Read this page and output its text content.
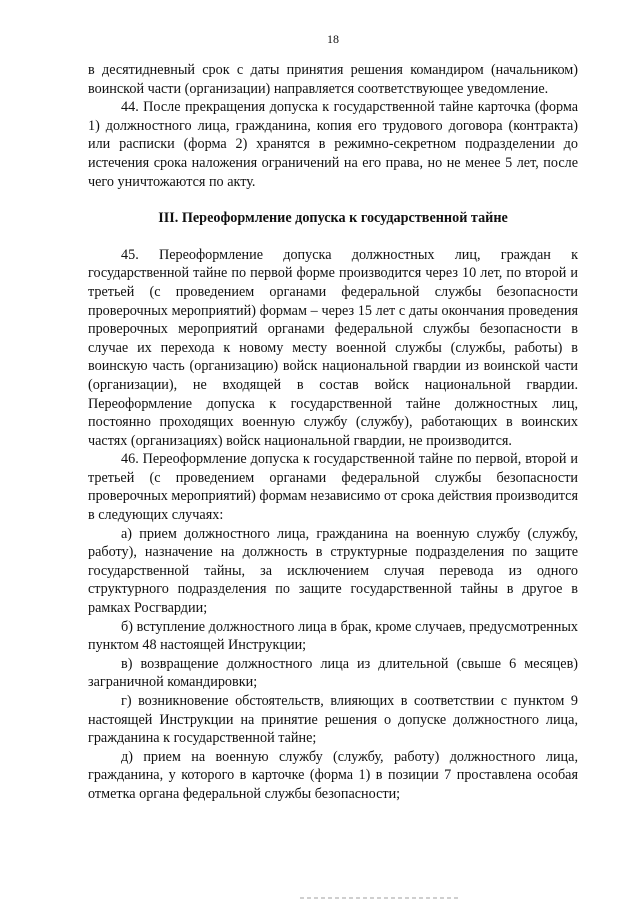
18

в десятидневный срок с даты принятия решения командиром (начальником) воинской части (организации) направляется соответствующее уведомление.

44. После прекращения допуска к государственной тайне карточка (форма 1) должностного лица, гражданина, копия его трудового договора (контракта) или расписки (форма 2) хранятся в режимно-секретном подразделении до истечения срока наложения ограничений на его права, но не менее 5 лет, после чего уничтожаются по акту.

III. Переоформление допуска к государственной тайне

45. Переоформление допуска должностных лиц, граждан к государственной тайне по первой форме производится через 10 лет, по второй и третьей (с проведением органами федеральной службы безопасности проверочных мероприятий) формам – через 15 лет с даты окончания проведения проверочных мероприятий органами федеральной службы безопасности в случае их перехода к новому месту военной службы (службы, работы) в воинскую часть (организацию) войск национальной гвардии из воинской части (организации), не входящей в состав войск национальной гвардии. Переоформление допуска к государственной тайне должностных лиц, постоянно проходящих военную службу (службу), работающих в воинских частях (организациях) войск национальной гвардии, не производится.

46. Переоформление допуска к государственной тайне по первой, второй и третьей (с проведением органами федеральной службы безопасности проверочных мероприятий) формам независимо от срока действия производится в следующих случаях:

а) прием должностного лица, гражданина на военную службу (службу, работу), назначение на должность в структурные подразделения по защите государственной тайны, за исключением случая перевода из одного структурного подразделения по защите государственной тайны в другое в рамках Росгвардии;

б) вступление должностного лица в брак, кроме случаев, предусмотренных пунктом 48 настоящей Инструкции;

в) возвращение должностного лица из длительной (свыше 6 месяцев) заграничной командировки;

г) возникновение обстоятельств, влияющих в соответствии с пунктом 9 настоящей Инструкции на принятие решения о допуске должностного лица, гражданина к государственной тайне;

д) прием на военную службу (службу, работу) должностного лица, гражданина, у которого в карточке (форма 1) в позиции 7 проставлена особая отметка органа федеральной службы безопасности;
